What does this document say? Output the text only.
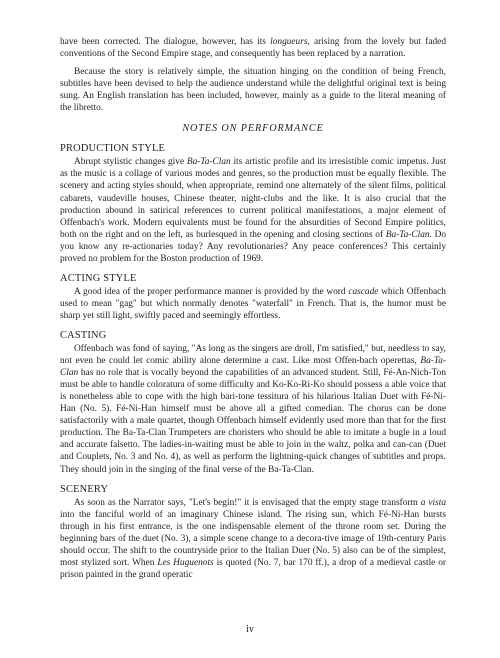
have been corrected. The dialogue, however, has its longueurs, arising from the lovely but faded conventions of the Second Empire stage, and consequently has been replaced by a narration.

Because the story is relatively simple, the situation hinging on the condition of being French, subtitles have been devised to help the audience understand while the delightful original text is being sung. An English translation has been included, however, mainly as a guide to the literal meaning of the libretto.

NOTES ON PERFORMANCE
PRODUCTION STYLE

Abrupt stylistic changes give Ba-Ta-Clan its artistic profile and its irresistible comic impetus. Just as the music is a collage of various modes and genres, so the production must be equally flexible. The scenery and acting styles should, when appropriate, remind one alternately of the silent films, political cabarets, vaudeville houses, Chinese theater, night-clubs and the like. It is also crucial that the production abound in satirical references to current political manifestations, a major element of Offenbach's work. Modern equivalents must be found for the absurdities of Second Empire politics, both on the right and on the left, as burlesqued in the opening and closing sections of Ba-Ta-Clan. Do you know any re-actionaries today? Any revolutionaries? Any peace conferences? This certainly proved no problem for the Boston production of 1969.

ACTING STYLE

A good idea of the proper performance manner is provided by the word cascade which Offenbach used to mean "gag" but which normally denotes "waterfall" in French. That is, the humor must be sharp yet still light, swiftly paced and seemingly effortless.

CASTING

Offenbach was fond of saying, "As long as the singers are droll, I'm satisfied," but, needless to say, not even he could let comic ability alone determine a cast. Like most Offen-bach operettas, Ba-Ta-Clan has no role that is vocally beyond the capabilities of an advanced student. Still, Fé-An-Nich-Ton must be able to handle coloratura of some difficulty and Ko-Ko-Ri-Ko should possess a able voice that is nonetheless able to cope with the high bari-tone tessitura of his hilarious Italian Duet with Fé-Ni-Han (No. 5). Fé-Ni-Han himself must be above all a gifted comedian. The chorus can be done satisfactorily with a male quartet, though Offenbach himself evidently used more than that for the first production. The Ba-Ta-Clan Trumpeters are choristers who should be able to imitate a bugle in a loud and accurate falsetto. The ladies-in-waiting must be able to join in the waltz, polka and can-can (Duet and Couplets, No. 3 and No. 4), as well as perform the lightning-quick changes of subtitles and props. They should join in the singing of the final verse of the Ba-Ta-Clan.

SCENERY

As soon as the Narrator says, "Let's begin!" it is envisaged that the empty stage transform a vista into the fanciful world of an imaginary Chinese island. The rising sun, which Fé-Ni-Han bursts through in his first entrance, is the one indispensable element of the throne room set. During the beginning bars of the duet (No. 3), a simple scene change to a decora-tive image of 19th-century Paris should occur. The shift to the countryside prior to the Italian Duet (No. 5) also can be of the simplest, most stylized sort. When Les Huguenots is quoted (No. 7, bar 170 ff.), a drop of a medieval castle or prison painted in the grand operatic

iv
